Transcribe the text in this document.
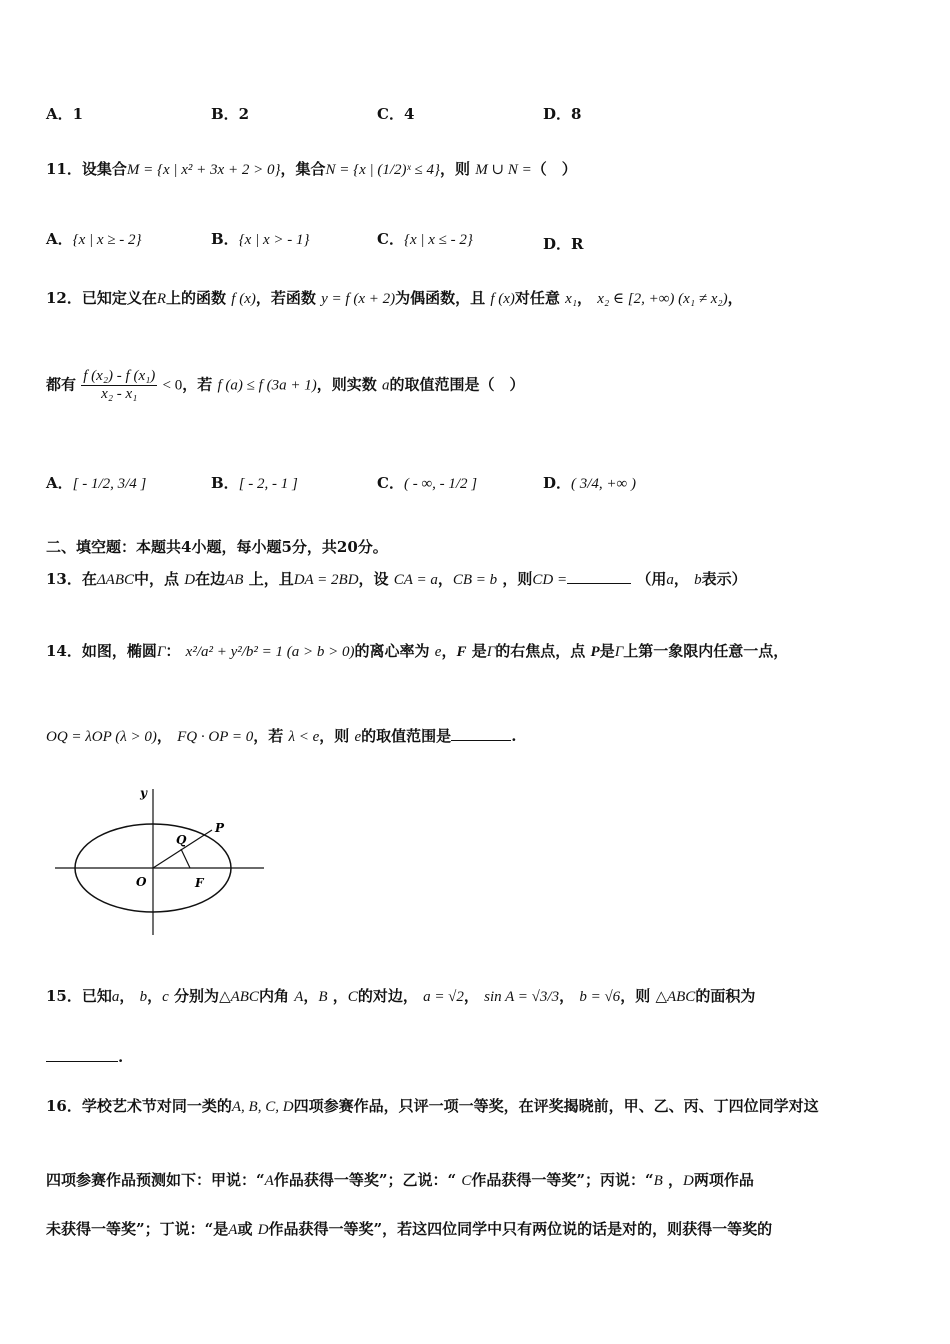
A．1	B．2	C．4	D．8
11．设集合M = {x | x² + 3x + 2 > 0}，集合N = {x | (1/2)ˣ ≤ 4}，则 M ∪ N =（　）
A．{x | x ≥ - 2}	B．{x | x > - 1}	C．{x | x ≤ - 2}	D．R
12．已知定义在R上的函数 f (x)，若函数 y = f (x + 2)为偶函数，且 f (x)对任意 x₁， x₂ ∈ [2, +∞) (x₁ ≠ x₂)，
都有 $\frac{\text{f (x₂) - f (x₁)}}{\text{x₂ - x₁}} < 0$，若 f (a) ≤ f (3a + 1)，则实数 a的取值范围是（　）
A．[ - 1/2, 3/4 ]	B．[ - 2, - 1 ]	C．( - ∞, - 1/2 ]	D．( 3/4, +∞ )
二、填空题：本题共4小题，每小题5分，共20分。
13．在ΔABC中，点 D在边AB 上，且DA = 2BD，设 CA = a，CB = b ，则CD =	（用a， b表示）
14．如图，椭圆Γ： x²/a² + y²/b² = 1 (a > b > 0)的离心率为 e，F 是Γ的右焦点，点 P是Γ上第一象限内任意一点，
OQ = λOP (λ > 0)， FQ · OP = 0，若 λ < e，则 e的取值范围是	.
y
Q
P
O	F
15．已知a， b，c 分别为△ABC内角 A，B ，C的对边， a = √2， sin A = √3/3， b = √6，则 △ABC的面积为
.
16．学校艺术节对同一类的A, B, C, D四项参赛作品，只评一项一等奖，在评奖揭晓前，甲、乙、丙、丁四位同学对这
四项参赛作品预测如下：甲说：“A作品获得一等奖”；乙说：“ C作品获得一等奖”；丙说：“B ，D两项作品
未获得一等奖”；丁说：“是A或 D作品获得一等奖”，若这四位同学中只有两位说的话是对的，则获得一等奖的
